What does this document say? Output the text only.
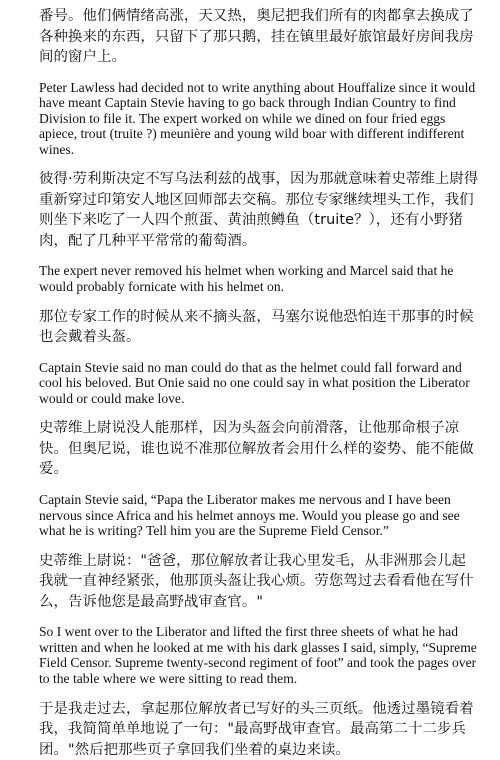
番号。他们俩情绪高涨，天又热，奥尼把我们所有的肉都拿去换成了各种换来的东西，只留下了那只鹅，挂在镇里最好旅馆最好房间我房间的窗户上。

Peter Lawless had decided not to write anything about Houffalize since it would have meant Captain Stevie having to go back through Indian Country to find Division to file it. The expert worked on while we dined on four fried eggs apiece, trout (truite ?) meunière and young wild boar with different indifferent wines.

彼得·劳利斯决定不写乌法利兹的战事，因为那就意味着史蒂维上尉得重新穿过印第安人地区回师部去交稿。那位专家继续埋头工作，我们则坐下来吃了一人四个煎蛋、黄油煎鳟鱼（truite？），还有小野猪肉，配了几种平平常常的葡萄酒。

The expert never removed his helmet when working and Marcel said that he would probably fornicate with his helmet on.

那位专家工作的时候从来不摘头盔，马塞尔说他恐怕连干那事的时候也会戴着头盔。

Captain Stevie said no man could do that as the helmet could fall forward and cool his beloved. But Onie said no one could say in what position the Liberator would or could make love.

史蒂维上尉说没人能那样，因为头盔会向前滑落，让他那命根子凉快。但奥尼说，谁也说不准那位解放者会用什么样的姿势、能不能做爱。

Captain Stevie said, “Papa the Liberator makes me nervous and I have been nervous since Africa and his helmet annoys me. Would you please go and see what he is writing? Tell him you are the Supreme Field Censor.”

史蒂维上尉说："爸爸，那位解放者让我心里发毛，从非洲那会儿起我就一直神经紧张，他那顶头盔让我心烦。劳您驾过去看看他在写什么，告诉他您是最高野战审查官。"

So I went over to the Liberator and lifted the first three sheets of what he had written and when he looked at me with his dark glasses I said, simply, “Supreme Field Censor. Supreme twenty-second regiment of foot” and took the pages over to the table where we were sitting to read them.

于是我走过去，拿起那位解放者已写好的头三页纸。他透过墨镜看着我，我简简单单地说了一句："最高野战审查官。最高第二十二步兵团。"然后把那些页子拿回我们坐着的桌边来读。
